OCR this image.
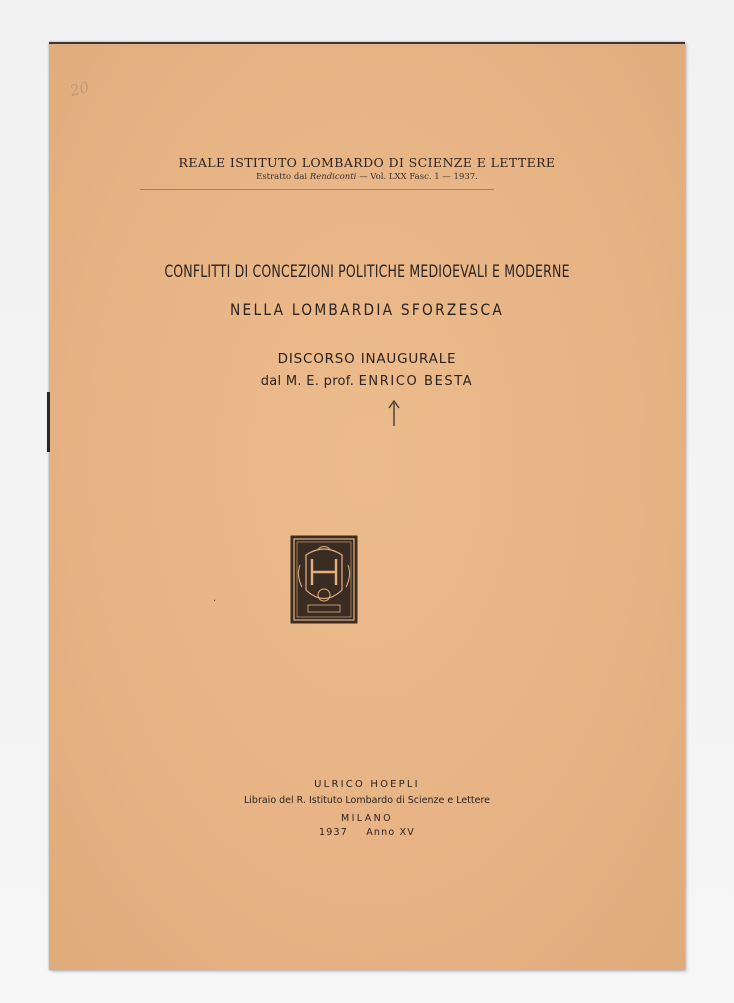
20
REALE ISTITUTO LOMBARDO DI SCIENZE E LETTERE
Estratto dai Rendiconti — Vol. LXX Fasc. 1 — 1937.
CONFLITTI DI CONCEZIONI POLITICHE MEDIOEVALI E MODERNE
NELLA LOMBARDIA SFORZESCA
DISCORSO INAUGURALE
dal M. E. prof. ENRICO BESTA
·
ULRICO HOEPLI
Libraio del R. Istituto Lombardo di Scienze e Lettere
MILANO
1937 Anno XV
